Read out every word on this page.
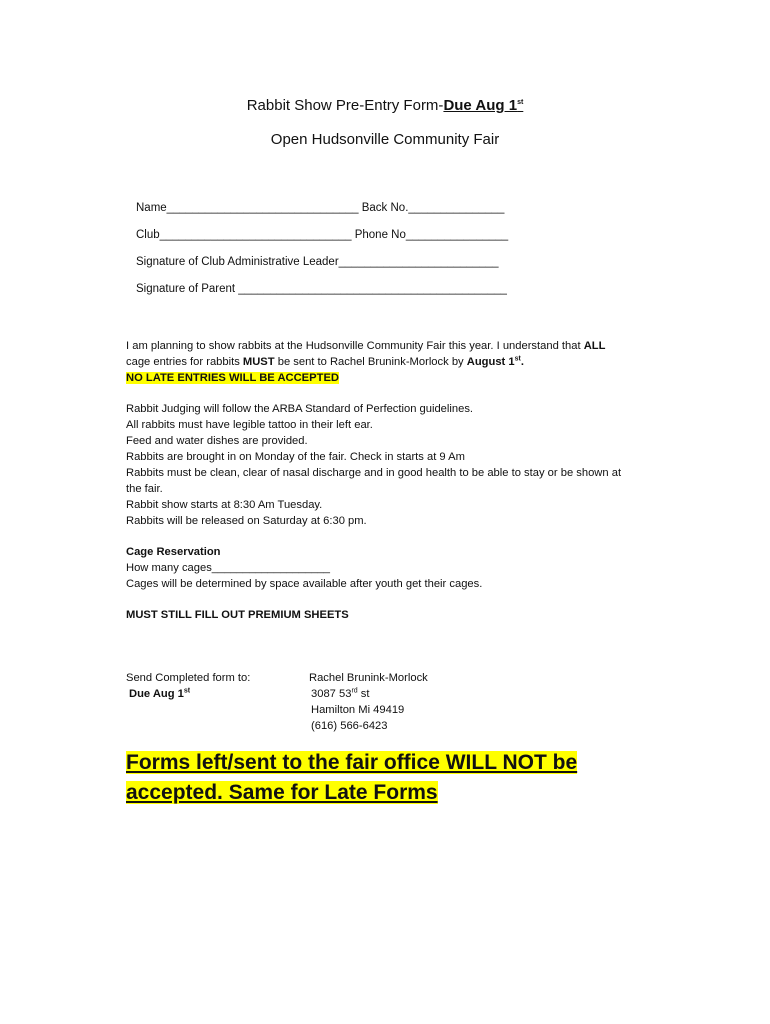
Rabbit Show Pre-Entry Form-Due Aug 1st
Open Hudsonville Community Fair
Name______________________________ Back No._______________
Club______________________________ Phone No________________
Signature of Club Administrative Leader_________________________
Signature of Parent __________________________________________
I am planning to show rabbits at the Hudsonville Community Fair this year. I understand that ALL
cage entries for rabbits MUST be sent to Rachel Brunink-Morlock by August 1st.
NO LATE ENTRIES WILL BE ACCEPTED
Rabbit Judging will follow the ARBA Standard of Perfection guidelines.
All rabbits must have legible tattoo in their left ear.
Feed and water dishes are provided.
Rabbits are brought in on Monday of the fair. Check in starts at 9 Am
Rabbits must be clean, clear of nasal discharge and in good health to be able to stay or be shown at the fair.
Rabbit show starts at 8:30 Am Tuesday.
Rabbits will be released on Saturday at 6:30 pm.
Cage Reservation
How many cages___________________
Cages will be determined by space available after youth get their cages.
MUST STILL FILL OUT PREMIUM SHEETS
Send Completed form to:
Due Aug 1st
Rachel Brunink-Morlock
3087 53rd st
Hamilton Mi 49419
(616) 566-6423
Forms left/sent to the fair office WILL NOT be accepted. Same for Late Forms
